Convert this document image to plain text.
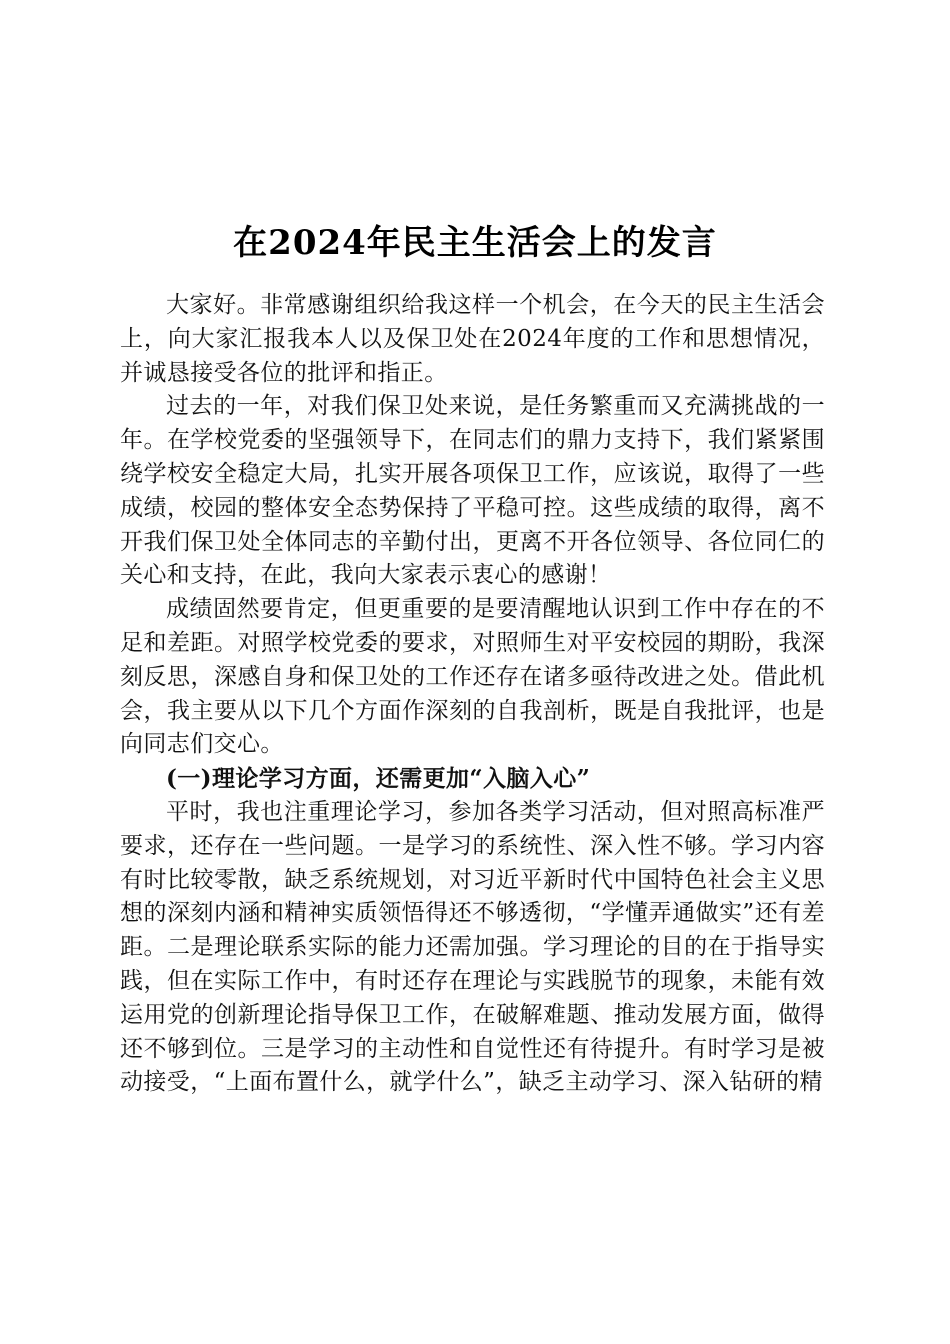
在2024年民主生活会上的发言

大家好。非常感谢组织给我这样一个机会，在今天的民主生活会上，向大家汇报我本人以及保卫处在2024年度的工作和思想情况，并诚恳接受各位的批评和指正。

过去的一年，对我们保卫处来说，是任务繁重而又充满挑战的一年。在学校党委的坚强领导下，在同志们的鼎力支持下，我们紧紧围绕学校安全稳定大局，扎实开展各项保卫工作，应该说，取得了一些成绩，校园的整体安全态势保持了平稳可控。这些成绩的取得，离不开我们保卫处全体同志的辛勤付出，更离不开各位领导、各位同仁的关心和支持，在此，我向大家表示衷心的感谢！

成绩固然要肯定，但更重要的是要清醒地认识到工作中存在的不足和差距。对照学校党委的要求，对照师生对平安校园的期盼，我深刻反思，深感自身和保卫处的工作还存在诸多亟待改进之处。借此机会，我主要从以下几个方面作深刻的自我剖析，既是自我批评，也是向同志们交心。

(一)理论学习方面，还需更加“入脑入心”

平时，我也注重理论学习，参加各类学习活动，但对照高标准严要求，还存在一些问题。一是学习的系统性、深入性不够。学习内容有时比较零散，缺乏系统规划，对习近平新时代中国特色社会主义思想的深刻内涵和精神实质领悟得还不够透彻，“学懂弄通做实”还有差距。二是理论联系实际的能力还需加强。学习理论的目的在于指导实践，但在实际工作中，有时还存在理论与实践脱节的现象，未能有效运用党的创新理论指导保卫工作，在破解难题、推动发展方面，做得还不够到位。三是学习的主动性和自觉性还有待提升。有时学习是被动接受，“上面布置什么，就学什么”，缺乏主动学习、深入钻研的精
